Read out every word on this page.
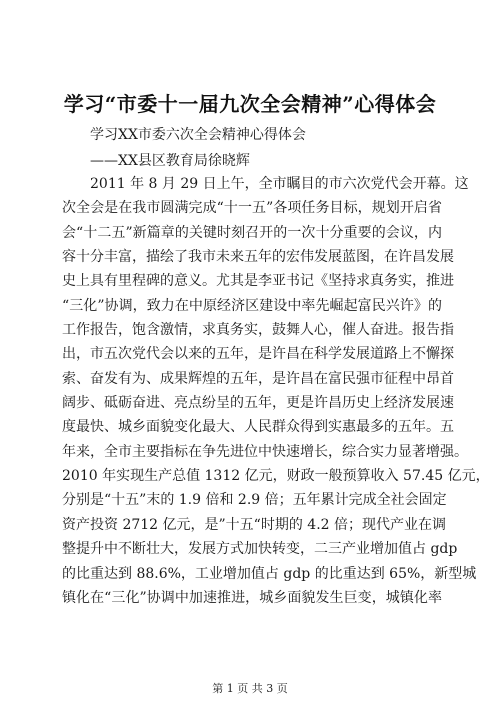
学习“市委十一届九次全会精神”心得体会
学习XX市委六次全会精神心得体会
——XX县区教育局徐晓辉
2011 年 8 月 29 日上午，全市瞩目的市六次党代会开幕。这
次全会是在我市圆满完成“十一五”各项任务目标，规划开启省
会“十二五”新篇章的关键时刻召开的一次十分重要的会议，内
容十分丰富，描绘了我市未来五年的宏伟发展蓝图，在许昌发展
史上具有里程碑的意义。尤其是李亚书记《坚持求真务实，推进
“三化”协调，致力在中原经济区建设中率先崛起富民兴许》的
工作报告，饱含激情，求真务实，鼓舞人心，催人奋进。报告指
出，市五次党代会以来的五年，是许昌在科学发展道路上不懈探
索、奋发有为、成果辉煌的五年，是许昌在富民强市征程中昂首
阔步、砥砺奋进、亮点纷呈的五年，更是许昌历史上经济发展速
度最快、城乡面貌变化最大、人民群众得到实惠最多的五年。五
年来，全市主要指标在争先进位中快速增长，综合实力显著增强。
2010 年实现生产总值 1312 亿元，财政一般预算收入 57.45 亿元，
分别是“十五”末的 1.9 倍和 2.9 倍；五年累计完成全社会固定
资产投资 2712 亿元，是”十五“时期的 4.2 倍；现代产业在调
整提升中不断壮大，发展方式加快转变，二三产业增加值占 gdp
的比重达到 88.6%，工业增加值占 gdp 的比重达到 65%，新型城
镇化在“三化”协调中加速推进，城乡面貌发生巨变，城镇化率
第 1 页 共 3 页
